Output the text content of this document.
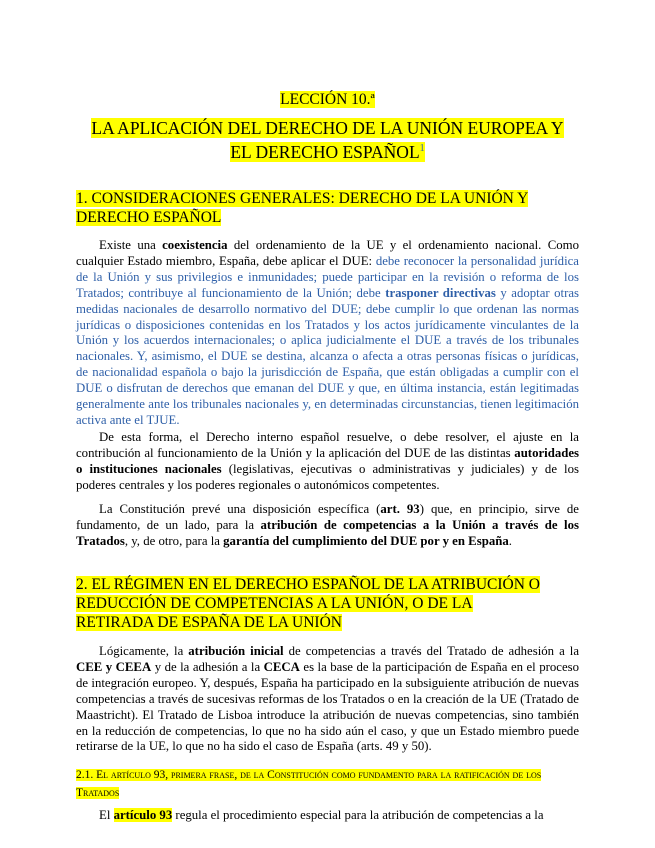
LECCIÓN 10.ª
LA APLICACIÓN DEL DERECHO DE LA UNIÓN EUROPEA Y
EL DERECHO ESPAÑOL$^1$
1. CONSIDERACIONES GENERALES: DERECHO DE LA UNIÓN Y DERECHO ESPAÑOL
Existe una coexistencia del ordenamiento de la UE y el ordenamiento nacional. Como cualquier Estado miembro, España, debe aplicar el DUE: debe reconocer la personalidad jurídica de la Unión y sus privilegios e inmunidades; puede participar en la revisión o reforma de los Tratados; contribuye al funcionamiento de la Unión; debe trasponer directivas y adoptar otras medidas nacionales de desarrollo normativo del DUE; debe cumplir lo que ordenan las normas jurídicas o disposiciones contenidas en los Tratados y los actos jurídicamente vinculantes de la Unión y los acuerdos internacionales; o aplica judicialmente el DUE a través de los tribunales nacionales. Y, asimismo, el DUE se destina, alcanza o afecta a otras personas físicas o jurídicas, de nacionalidad española o bajo la jurisdicción de España, que están obligadas a cumplir con el DUE o disfrutan de derechos que emanan del DUE y que, en última instancia, están legitimadas generalmente ante los tribunales nacionales y, en determinadas circunstancias, tienen legitimación activa ante el TJUE.
De esta forma, el Derecho interno español resuelve, o debe resolver, el ajuste en la contribución al funcionamiento de la Unión y la aplicación del DUE de las distintas autoridades o instituciones nacionales (legislativas, ejecutivas o administrativas y judiciales) y de los poderes centrales y los poderes regionales o autonómicos competentes.
La Constitución prevé una disposición específica (art. 93) que, en principio, sirve de fundamento, de un lado, para la atribución de competencias a la Unión a través de los Tratados, y, de otro, para la garantía del cumplimiento del DUE por y en España.
2. EL RÉGIMEN EN EL DERECHO ESPAÑOL DE LA ATRIBUCIÓN O REDUCCIÓN DE COMPETENCIAS A LA UNIÓN, O DE LA RETIRADA DE ESPAÑA DE LA UNIÓN
Lógicamente, la atribución inicial de competencias a través del Tratado de adhesión a la CEE y CEEA y de la adhesión a la CECA es la base de la participación de España en el proceso de integración europeo. Y, después, España ha participado en la subsiguiente atribución de nuevas competencias a través de sucesivas reformas de los Tratados o en la creación de la UE (Tratado de Maastricht). El Tratado de Lisboa introduce la atribución de nuevas competencias, sino también en la reducción de competencias, lo que no ha sido aún el caso, y que un Estado miembro puede retirarse de la UE, lo que no ha sido el caso de España (arts. 49 y 50).
2.1. El artículo 93, primera frase, de la Constitución como fundamento para la ratificación de los Tratados
El artículo 93 regula el procedimiento especial para la atribución de competencias a la
